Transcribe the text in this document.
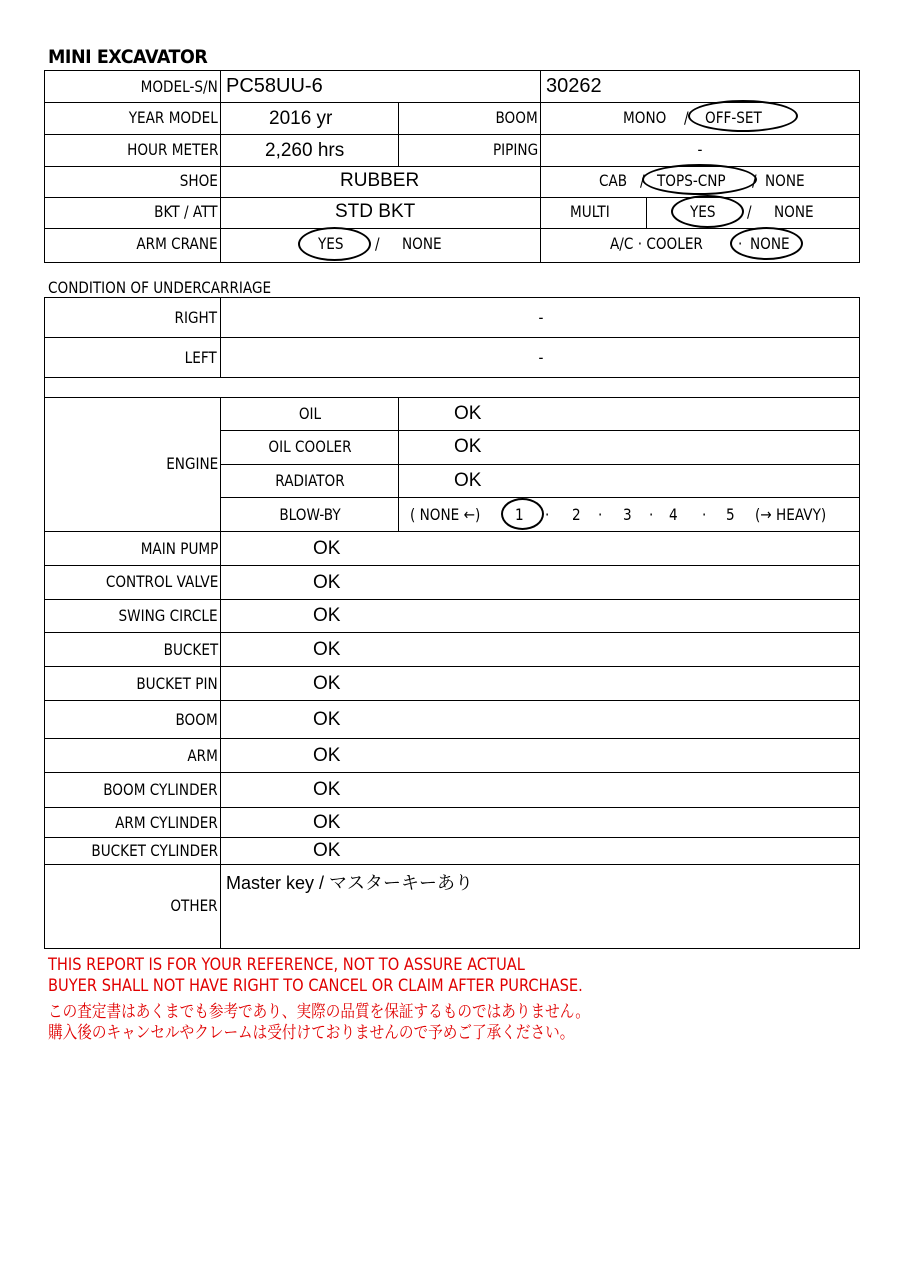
MINI EXCAVATOR
MODEL-S/N PC58UU-6	30262
YEAR MODEL	2016 yr	BOOM	MONO / OFF-SET
HOUR METER 2,260 hrs	PIPING	-
SHOE	RUBBER	CAB / TOPS-CNP / NONE
BKT / ATT	STD BKT	MULTI	YES / NONE
ARM CRANE	YES / NONE	A/C · COOLER · NONE
CONDITION OF UNDERCARRIAGE
RIGHT	-
LEFT	-
ENGINE
OIL	OK
OIL COOLER	OK
RADIATOR	OK
BLOW-BY	( NONE ←) 1 · 2 · 3 · 4 · 5 (→ HEAVY)
MAIN PUMP	OK
CONTROL VALVE	OK
SWING CIRCLE	OK
BUCKET	OK
BUCKET PIN	OK
BOOM	OK
ARM	OK
BOOM CYLINDER	OK
ARM CYLINDER	OK
BUCKET CYLINDER	OK
OTHER
Master key / マスターキーあり
THIS REPORT IS FOR YOUR REFERENCE, NOT TO ASSURE ACTUAL
BUYER SHALL NOT HAVE RIGHT TO CANCEL OR CLAIM AFTER PURCHASE.
この査定書はあくまでも参考であり、実際の品質を保証するものではありません。
購入後のキャンセルやクレームは受付けておりませんので予めご了承ください。
